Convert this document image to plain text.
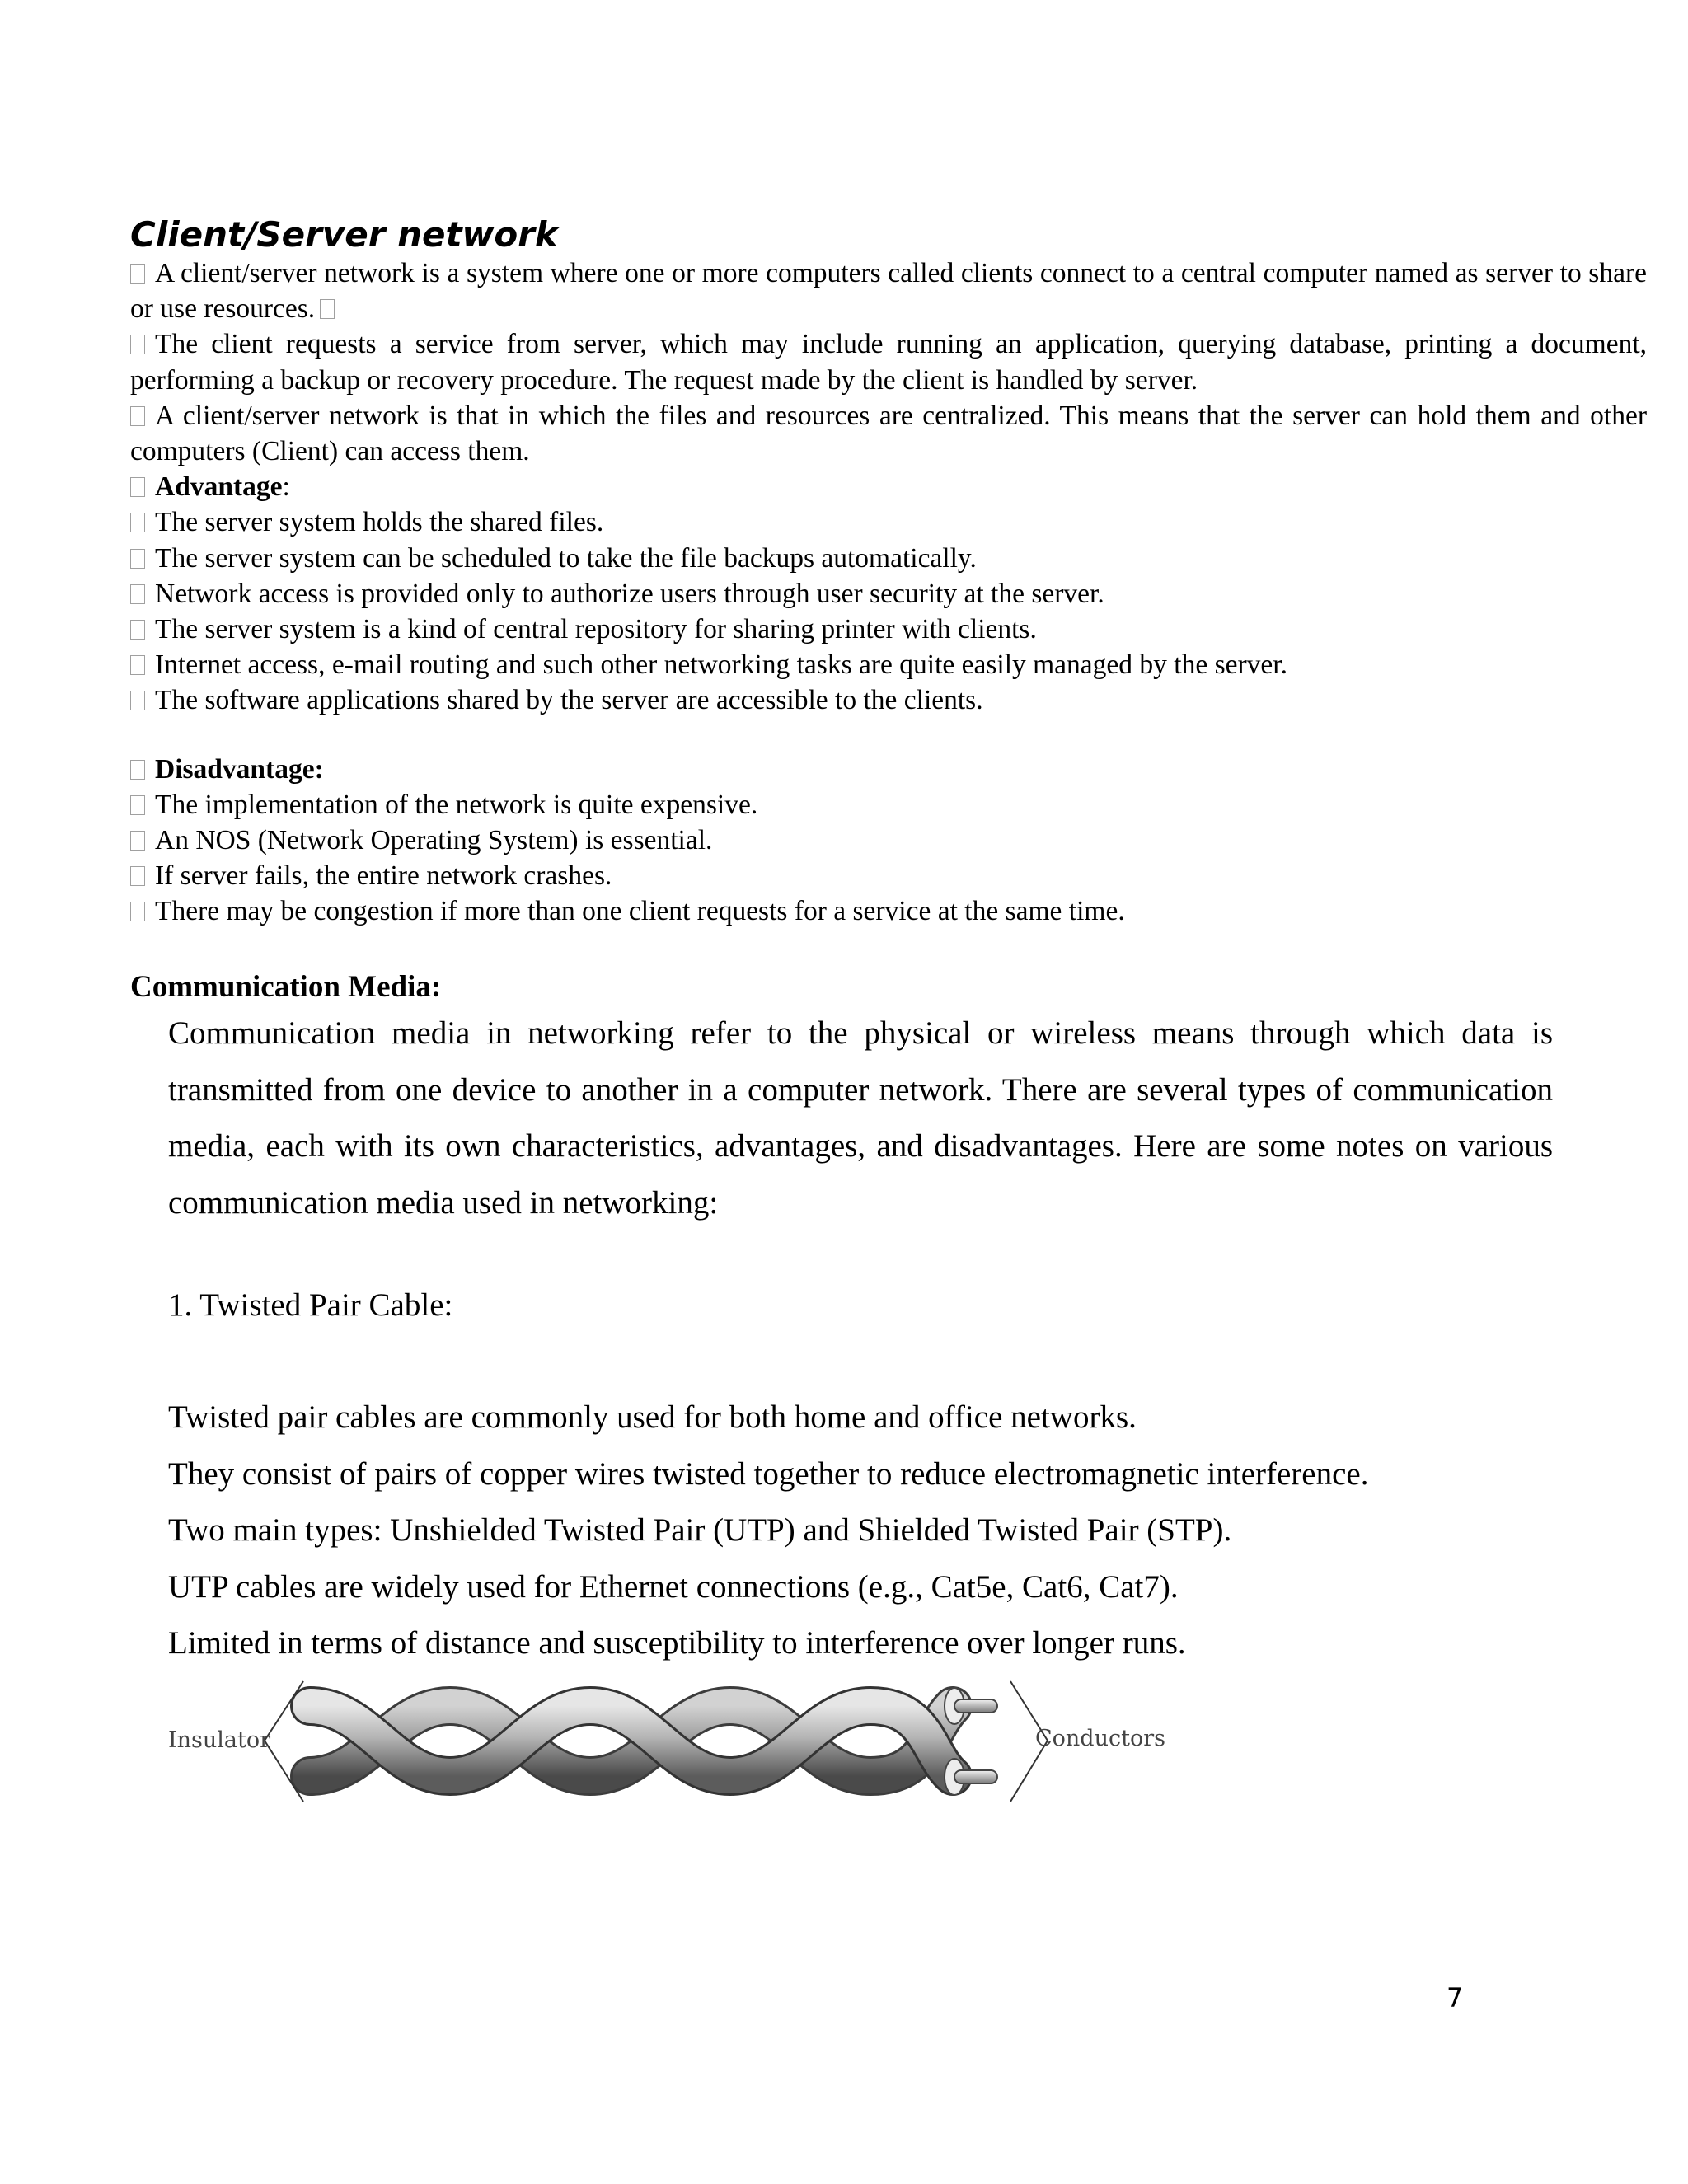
Client/Server network

A client/server network is a system where one or more computers called clients connect to a central computer named as server to share or use resources.

The client requests a service from server, which may include running an application, querying database, printing a document, performing a backup or recovery procedure. The request made by the client is handled by server.

A client/server network is that in which the files and resources are centralized. This means that the server can hold them and other computers (Client) can access them.

Advantage:

The server system holds the shared files.

The server system can be scheduled to take the file backups automatically.

Network access is provided only to authorize users through user security at the server.

The server system is a kind of central repository for sharing printer with clients.

Internet access, e-mail routing and such other networking tasks are quite easily managed by the server.

The software applications shared by the server are accessible to the clients.

Disadvantage:

The implementation of the network is quite expensive.

An NOS (Network Operating System) is essential.

If server fails, the entire network crashes.

There may be congestion if more than one client requests for a service at the same time.

Communication Media:

Communication media in networking refer to the physical or wireless means through which data is transmitted from one device to another in a computer network. There are several types of communication media, each with its own characteristics, advantages, and disadvantages. Here are some notes on various communication media used in networking:

1. Twisted Pair Cable:

Twisted pair cables are commonly used for both home and office networks.
They consist of pairs of copper wires twisted together to reduce electromagnetic interference.
Two main types: Unshielded Twisted Pair (UTP) and Shielded Twisted Pair (STP).
UTP cables are widely used for Ethernet connections (e.g., Cat5e, Cat6, Cat7).
Limited in terms of distance and susceptibility to interference over longer runs.
Insulator	Conductors
7
